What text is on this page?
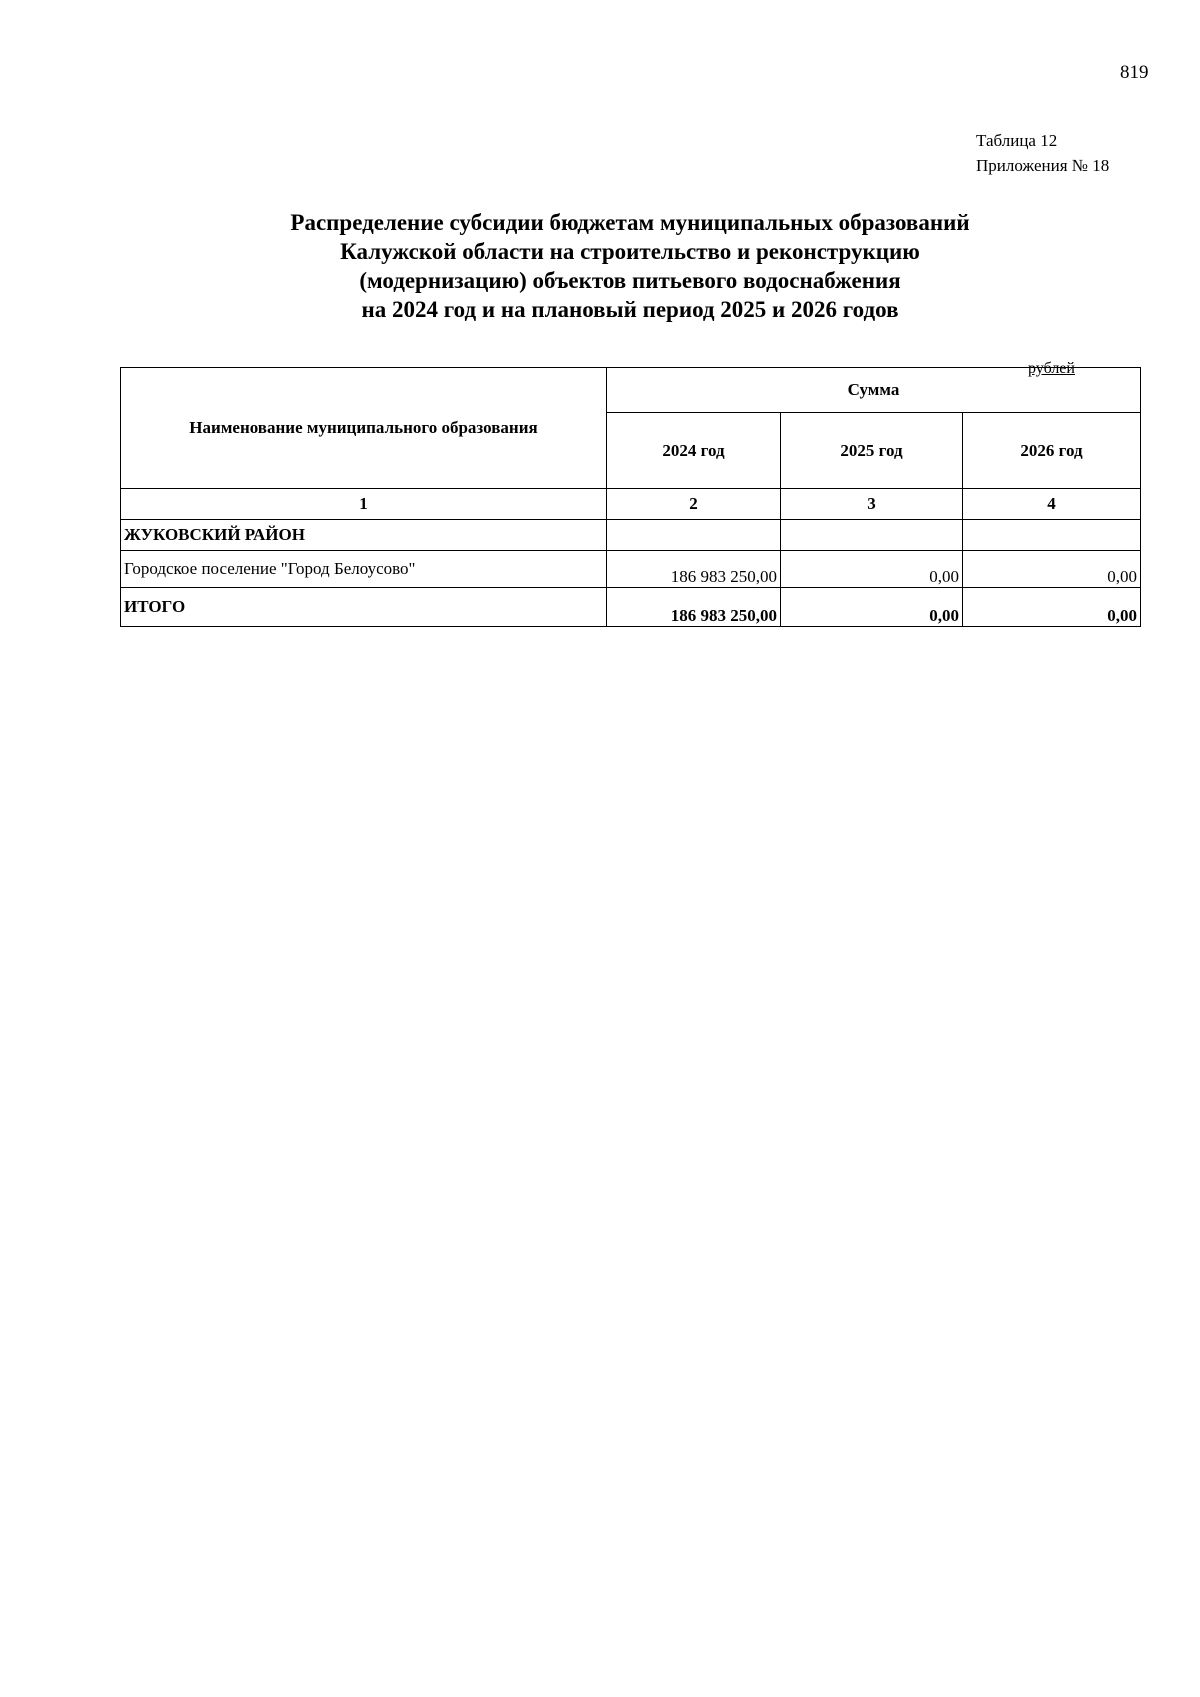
819
Таблица 12
Приложения № 18
Распределение субсидии бюджетам муниципальных образований
Калужской области на строительство и реконструкцию
(модернизацию) объектов питьевого водоснабжения
на 2024 год и на плановый период 2025 и 2026 годов
рублей
Наименование муниципального образования	Сумма		
	2024 год	2025 год	2026 год
1	2	3	4
ЖУКОВСКИЙ РАЙОН			
Городское поселение "Город Белоусово"	186 983 250,00	0,00	0,00
ИТОГО	186 983 250,00	0,00	0,00
